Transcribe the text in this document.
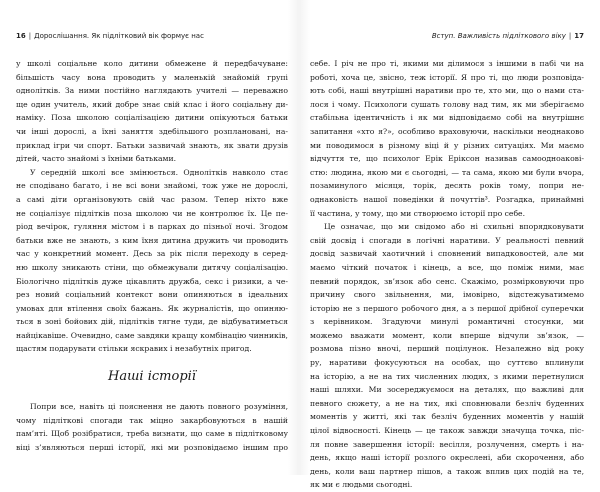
16 | Дорослішання. Як підлітковий вік формує нас
у школі соціальне коло дитини обмежене й передбачуване:
більшість часу вона проводить у маленькій знайомій групі
однолітків. За ними постійно наглядають учителі — переважно
ще один учитель, який добре знає свій клас і його соціальну ди-
наміку. Поза школою соціалізацією дитини опікуються батьки
чи інші дорослі, а їхні заняття здебільшого розплановані, на-
приклад ігри чи спорт. Батьки зазвичай знають, як звати друзів
дітей, часто знайомі з їхніми батьками.
У середній школі все змінюється. Однолітків навколо стає
не сподівано багато, і не всі вони знайомі, тож уже не дорослі,
а самі діти організовують свій час разом. Тепер ніхто вже
не соціалізує підлітків поза школою чи не контролює їх. Це пе-
ріод вечірок, гуляння містом і в парках до пізньої ночі. Згодом
батьки вже не знають, з ким їхня дитина дружить чи проводить
час у конкретний момент. Десь за рік після переходу в серед-
ню школу зникають стіни, що обмежували дитячу соціалізацію.
Біологічно підлітків дуже цікавлять дружба, секс і ризики, а че-
рез новий соціальний контекст вони опиняються в ідеальних
умовах для втілення своїх бажань. Як журналістів, що опиняю-
ться в зоні бойових дій, підлітків тягне туди, де відбуватиметься
найцікавіше. Очевидно, саме завдяки кращу комбінацію чинників,
щастям подарувати стільки яскравих і незабутніх пригод.
Наші історії
Попри все, навіть ці пояснення не дають повного розуміння,
чому підліткові спогади так міцно закарбовуються в нашій
пам’яті. Щоб розібратися, треба визнати, що саме в підлітковому
віці з’являються перші історії, які ми розповідаємо іншим про
Вступ. Важливість підліткового віку | 17
себе. І річ не про ті, якими ми ділимося з іншими в пабі чи на
роботі, хоча це, звісно, теж історії. Я про ті, що люди розповіда-
ють собі, наші внутрішні наративи про те, хто ми, що о нами ста-
лося і чому. Психологи сушать голову над тим, як ми зберігаємо
стабільна ідентичність і як ми відповідаємо собі на внутрішнє
запитання «хто я?», особливо враховуючи, наскільки неоднаково
ми поводимося в різному віці й у різних ситуаціях. Ми маємо
відчуття те, що психолог Ерік Еріксон називав самоодноакові-
стю: людина, якою ми є сьогодні, — та сама, якою ми були вчора,
позаминулого місяця, торік, десять років тому, попри не-
однаковість нашої поведінки й почуттів³. Розгадка, принаймні
її частина, у тому, що ми створюємо історії про себе.
Це означає, що ми свідомо або ні схильні впорядковувати
свій досвід і спогади в логічні наративи. У реальності певний
досвід зазвичай хаотичний і сповнений випадковостей, але ми
маємо чіткий початок і кінець, а все, що поміж ними, має
певний порядок, зв’язок або сенс. Скажімо, розмірковуючи про
причину свого звільнення, ми, імовірно, відстежуватимемо
історію не з першого робочого дня, а з першої дрібної суперечки
з керівником. Згадуючи минулі романтичні стосунки, ми
можемо вважати момент, коли вперше відчули зв’язок, —
розмова пізно вночі, перший поцілунок. Незалежно від року
ру, наративи фокусуються на особах, що суттєво вплинули
на історію, а не на тих численних людях, з якими перетнулися
наші шляхи. Ми зосереджуємося на деталях, що важливі для
певного сюжету, а не на тих, які сповнювали безліч буденних
моментів у житті, які так безліч буденних моментів у нашій
цілої відвосності. Кінець — це також завжди значуща точка, піс-
ля повне завершення історії: весілля, розлучення, смерть і на-
день, якщо наші історії розлого окреслені, аби скорочення, або
день, коли ваш партнер пішов, а також вплив цих подій на те,
як ми є людьми сьогодні.
